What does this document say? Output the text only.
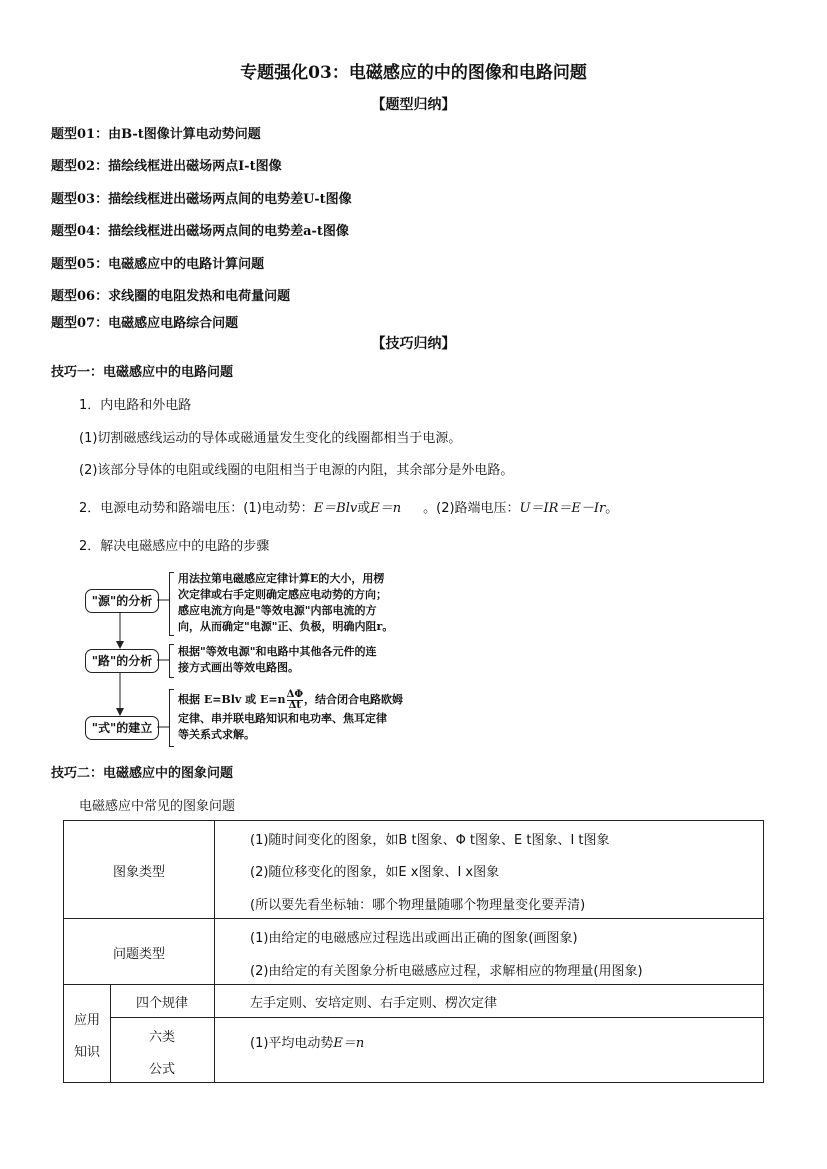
专题强化03：电磁感应的中的图像和电路问题
【题型归纳】
题型01：由B-t图像计算电动势问题
题型02：描绘线框进出磁场两点I-t图像
题型03：描绘线框进出磁场两点间的电势差U-t图像
题型04：描绘线框进出磁场两点间的电势差a-t图像
题型05：电磁感应中的电路计算问题
题型06：求线圈的电阻发热和电荷量问题
题型07：电磁感应电路综合问题
【技巧归纳】
技巧一：电磁感应中的电路问题
1．内电路和外电路
(1)切割磁感线运动的导体或磁通量发生变化的线圈都相当于电源。
(2)该部分导体的电阻或线圈的电阻相当于电源的内阻，其余部分是外电路。
2．电源电动势和路端电压：(1)电动势：E＝Blv或E＝n 。(2)路端电压：U＝IR＝E－Ir。
2．解决电磁感应中的电路的步骤
"源"的分析
"路"的分析
"式"的建立
用法拉第电磁感应定律计算E的大小，用楞
次定律或右手定则确定感应电动势的方向；
感应电流方向是"等效电源"内部电流的方
向，从而确定"电源"正、负极，明确内阻r。
根据"等效电源"和电路中其他各元件的连
接方式画出等效电路图。
根据 E=Blv 或 $E=n \frac{\Delta\Phi}{\Delta t}$ ，结合闭合电路欧姆
定律、串并联电路知识和电功率、焦耳定律
等关系式求解。
技巧二：电磁感应中的图象问题
电磁感应中常见的图象问题
图象类型
(1)随时间变化的图象，如B t图象、Φ t图象、E t图象、I t图象
(2)随位移变化的图象，如E x图象、I x图象
(所以要先看坐标轴：哪个物理量随哪个物理量变化要弄清)
问题类型
(1)由给定的电磁感应过程选出或画出正确的图象(画图象)
(2)由给定的有关图象分析电磁感应过程，求解相应的物理量(用图象)
应用
知识
四个规律	左手定则、安培定则、右手定则、楞次定律
六类
公式
(1)平均电动势E＝n
